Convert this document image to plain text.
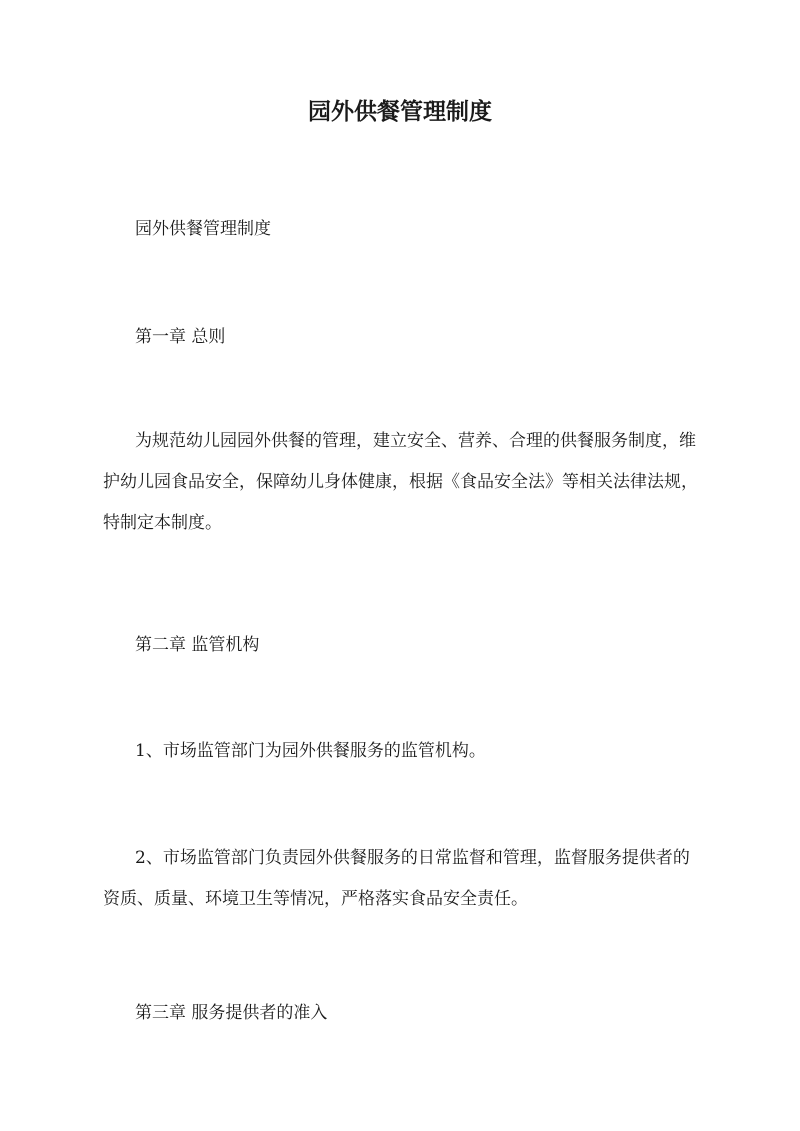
园外供餐管理制度

园外供餐管理制度

第一章 总则

为规范幼儿园园外供餐的管理，建立安全、营养、合理的供餐服务制度，维护幼儿园食品安全，保障幼儿身体健康，根据《食品安全法》等相关法律法规，特制定本制度。

第二章 监管机构

1、市场监管部门为园外供餐服务的监管机构。

2、市场监管部门负责园外供餐服务的日常监督和管理，监督服务提供者的资质、质量、环境卫生等情况，严格落实食品安全责任。

第三章 服务提供者的准入
